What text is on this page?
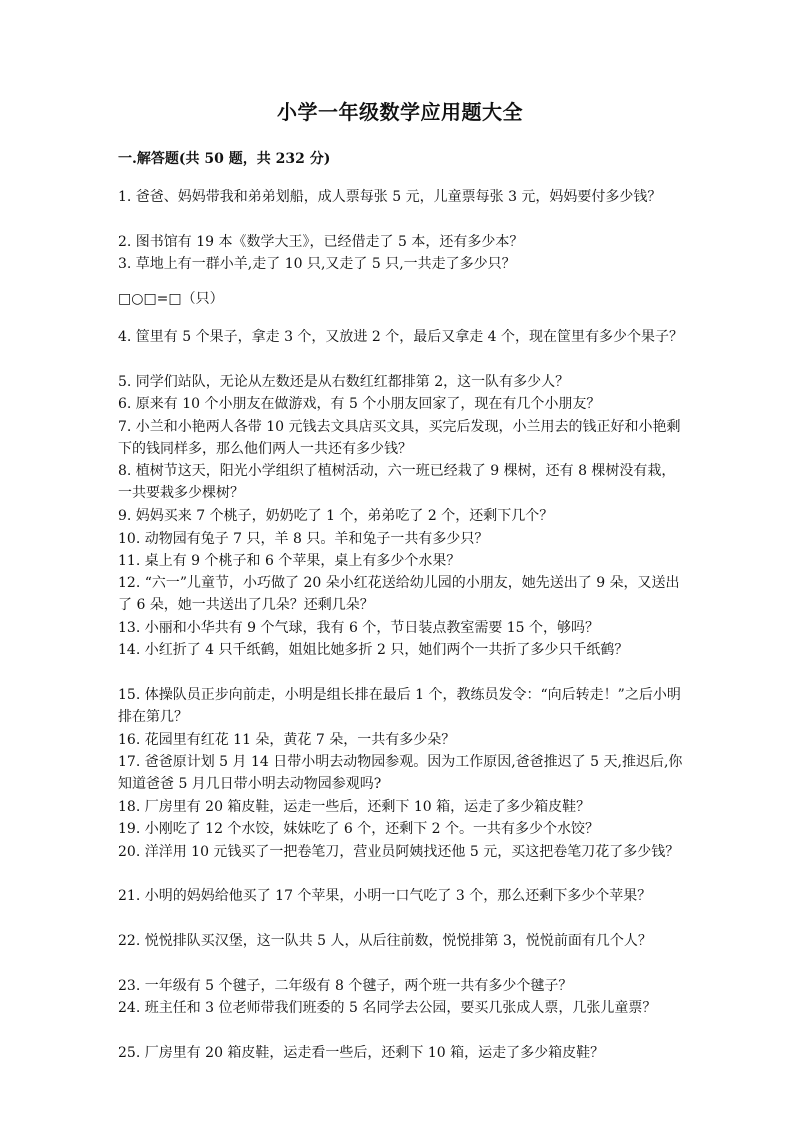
小学一年级数学应用题大全
一.解答题(共 50 题，共 232 分)
1. 爸爸、妈妈带我和弟弟划船，成人票每张 5 元，儿童票每张 3 元，妈妈要付多少钱？
2. 图书馆有 19 本《数学大王》，已经借走了 5 本，还有多少本？
3. 草地上有一群小羊,走了 10 只,又走了 5 只,一共走了多少只？
□○□=□（只）
4. 筐里有 5 个果子，拿走 3 个，又放进 2 个，最后又拿走 4 个，现在筐里有多少个果子？
5. 同学们站队，无论从左数还是从右数红红都排第 2，这一队有多少人？
6. 原来有 10 个小朋友在做游戏，有 5 个小朋友回家了，现在有几个小朋友？
7. 小兰和小艳两人各带 10 元钱去文具店买文具，买完后发现，小兰用去的钱正好和小艳剩下的钱同样多，那么他们两人一共还有多少钱？
8. 植树节这天，阳光小学组织了植树活动，六一班已经栽了 9 棵树，还有 8 棵树没有栽，一共要栽多少棵树？
9. 妈妈买来 7 个桃子，奶奶吃了 1 个，弟弟吃了 2 个，还剩下几个？
10. 动物园有兔子 7 只，羊 8 只。羊和兔子一共有多少只？
11. 桌上有 9 个桃子和 6 个苹果，桌上有多少个水果？
12. “六一”儿童节，小巧做了 20 朵小红花送给幼儿园的小朋友，她先送出了 9 朵，又送出了 6 朵，她一共送出了几朵？还剩几朵？
13. 小丽和小华共有 9 个气球，我有 6 个，节日装点教室需要 15 个，够吗？
14. 小红折了 4 只千纸鹤，姐姐比她多折 2 只，她们两个一共折了多少只千纸鹤？
15. 体操队员正步向前走，小明是组长排在最后 1 个，教练员发令：“向后转走！”之后小明排在第几？
16. 花园里有红花 11 朵，黄花 7 朵，一共有多少朵？
17. 爸爸原计划 5 月 14 日带小明去动物园参观。因为工作原因,爸爸推迟了 5 天,推迟后,你知道爸爸 5 月几日带小明去动物园参观吗?
18. 厂房里有 20 箱皮鞋，运走一些后，还剩下 10 箱，运走了多少箱皮鞋？
19. 小刚吃了 12 个水饺，妹妹吃了 6 个，还剩下 2 个。一共有多少个水饺？
20. 洋洋用 10 元钱买了一把卷笔刀，营业员阿姨找还他 5 元，买这把卷笔刀花了多少钱？
21. 小明的妈妈给他买了 17 个苹果，小明一口气吃了 3 个，那么还剩下多少个苹果？
22. 悦悦排队买汉堡，这一队共 5 人，从后往前数，悦悦排第 3，悦悦前面有几个人？
23. 一年级有 5 个毽子，二年级有 8 个毽子，两个班一共有多少个毽子？
24. 班主任和 3 位老师带我们班委的 5 名同学去公园，要买几张成人票，几张儿童票？
25. 厂房里有 20 箱皮鞋，运走看一些后，还剩下 10 箱，运走了多少箱皮鞋？
